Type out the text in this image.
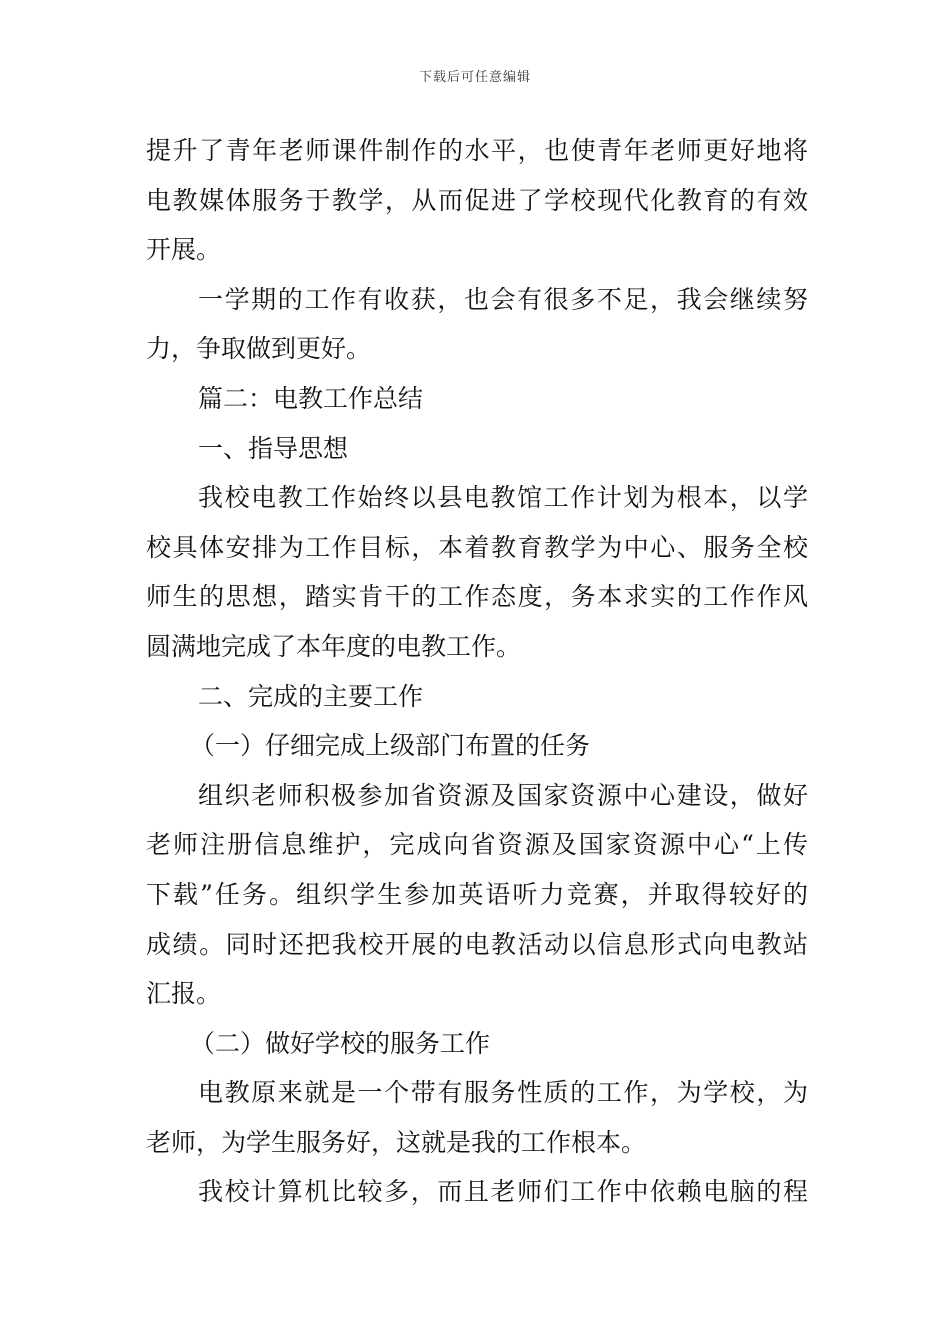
下载后可任意编辑
提升了青年老师课件制作的水平，也使青年老师更好地将
电教媒体服务于教学，从而促进了学校现代化教育的有效
开展。
一学期的工作有收获，也会有很多不足，我会继续努
力，争取做到更好。
篇二：电教工作总结
一、指导思想
我校电教工作始终以县电教馆工作计划为根本，以学
校具体安排为工作目标，本着教育教学为中心、服务全校
师生的思想，踏实肯干的工作态度，务本求实的工作作风
圆满地完成了本年度的电教工作。
二、完成的主要工作
（一）仔细完成上级部门布置的任务
组织老师积极参加省资源及国家资源中心建设，做好
老师注册信息维护，完成向省资源及国家资源中心“上传
下载”任务。组织学生参加英语听力竞赛，并取得较好的
成绩。同时还把我校开展的电教活动以信息形式向电教站
汇报。
（二）做好学校的服务工作
电教原来就是一个带有服务性质的工作，为学校，为
老师，为学生服务好，这就是我的工作根本。
我校计算机比较多，而且老师们工作中依赖电脑的程
